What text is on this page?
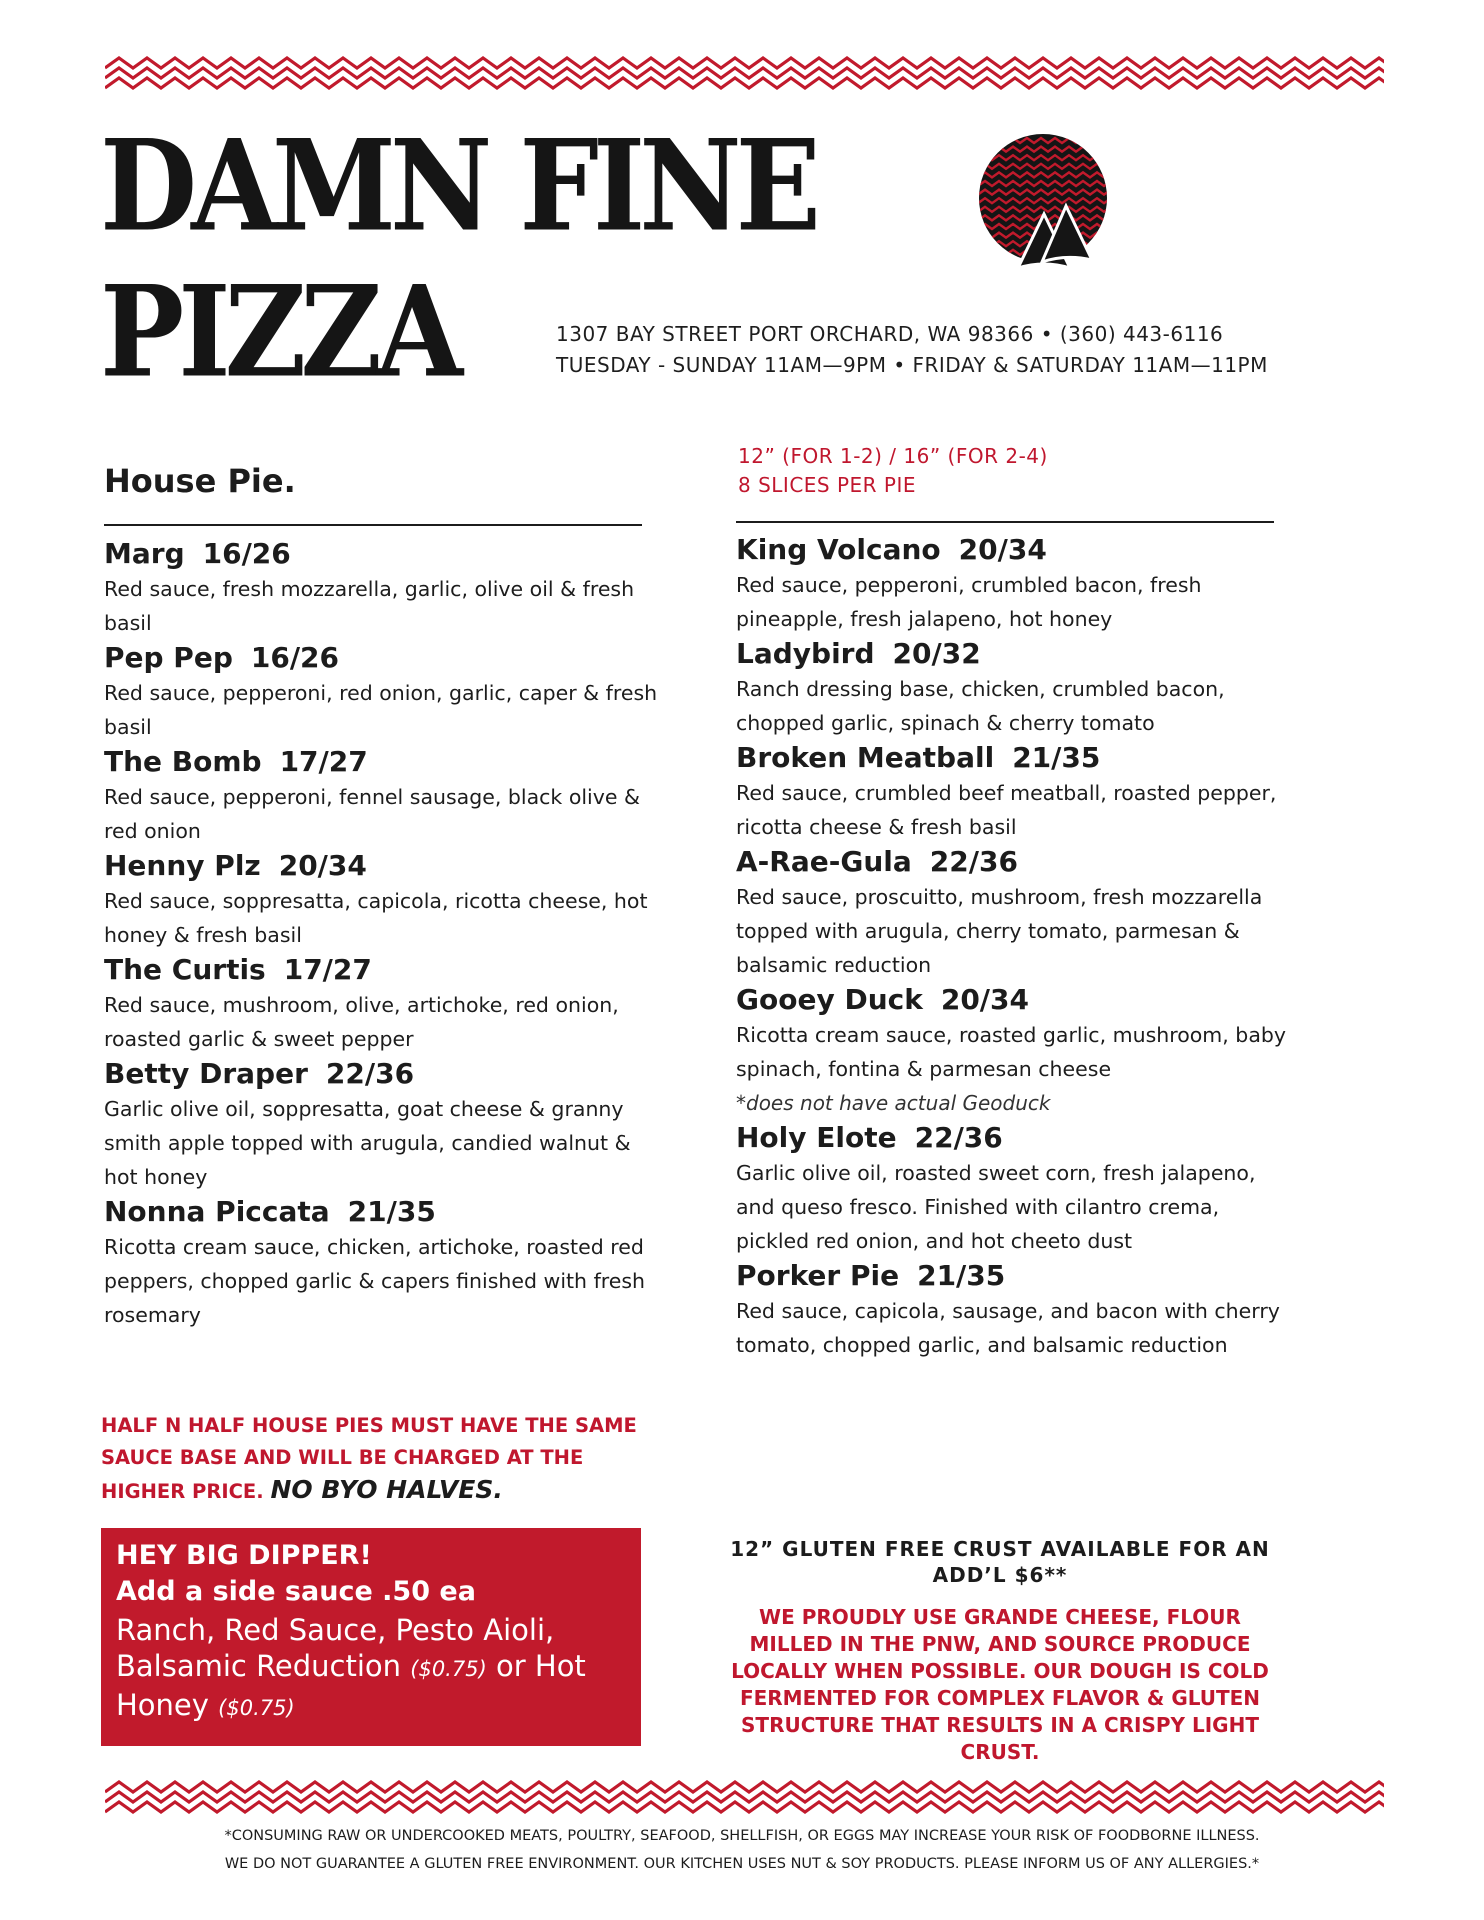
DAMN FINE
PIZZA	1307 BAY STREET PORT ORCHARD, WA 98366 • (360) 443-6116
TUESDAY - SUNDAY 11AM—9PM • FRIDAY & SATURDAY 11AM—11PM
12” (FOR 1-2) / 16” (FOR 2-4)
8 SLICES PER PIE
House Pie.
Marg 16/26
Red sauce, fresh mozzarella, garlic, olive oil & fresh basil
Pep Pep 16/26
Red sauce, pepperoni, red onion, garlic, caper & fresh basil
The Bomb 17/27
Red sauce, pepperoni, fennel sausage, black olive & red onion
Henny Plz 20/34
Red sauce, soppresatta, capicola, ricotta cheese, hot honey & fresh basil
The Curtis 17/27
Red sauce, mushroom, olive, artichoke, red onion, roasted garlic & sweet pepper
Betty Draper 22/36
Garlic olive oil, soppresatta, goat cheese & granny smith apple topped with arugula, candied walnut & hot honey
Nonna Piccata 21/35
Ricotta cream sauce, chicken, artichoke, roasted red peppers, chopped garlic & capers finished with fresh rosemary
King Volcano 20/34
Red sauce, pepperoni, crumbled bacon, fresh pineapple, fresh jalapeno, hot honey
Ladybird 20/32
Ranch dressing base, chicken, crumbled bacon, chopped garlic, spinach & cherry tomato
Broken Meatball 21/35
Red sauce, crumbled beef meatball, roasted pepper, ricotta cheese & fresh basil
A-Rae-Gula 22/36
Red sauce, proscuitto, mushroom, fresh mozzarella topped with arugula, cherry tomato, parmesan & balsamic reduction
Gooey Duck 20/34
Ricotta cream sauce, roasted garlic, mushroom, baby spinach, fontina & parmesan cheese
*does not have actual Geoduck
Holy Elote 22/36
Garlic olive oil, roasted sweet corn, fresh jalapeno, and queso fresco. Finished with cilantro crema, pickled red onion, and hot cheeto dust
Porker Pie 21/35
Red sauce, capicola, sausage, and bacon with cherry tomato, chopped garlic, and balsamic reduction
HALF N HALF HOUSE PIES MUST HAVE THE SAME SAUCE BASE AND WILL BE CHARGED AT THE HIGHER PRICE. NO BYO HALVES.
HEY BIG DIPPER!
Add a side sauce .50 ea
Ranch, Red Sauce, Pesto Aioli, Balsamic Reduction ($0.75) or Hot Honey ($0.75)
12” GLUTEN FREE CRUST AVAILABLE FOR AN ADD’L $6**
WE PROUDLY USE GRANDE CHEESE, FLOUR MILLED IN THE PNW, AND SOURCE PRODUCE LOCALLY WHEN POSSIBLE. OUR DOUGH IS COLD FERMENTED FOR COMPLEX FLAVOR & GLUTEN STRUCTURE THAT RESULTS IN A CRISPY LIGHT CRUST.
*CONSUMING RAW OR UNDERCOOKED MEATS, POULTRY, SEAFOOD, SHELLFISH, OR EGGS MAY INCREASE YOUR RISK OF FOODBORNE ILLNESS.
WE DO NOT GUARANTEE A GLUTEN FREE ENVIRONMENT. OUR KITCHEN USES NUT & SOY PRODUCTS. PLEASE INFORM US OF ANY ALLERGIES.*
